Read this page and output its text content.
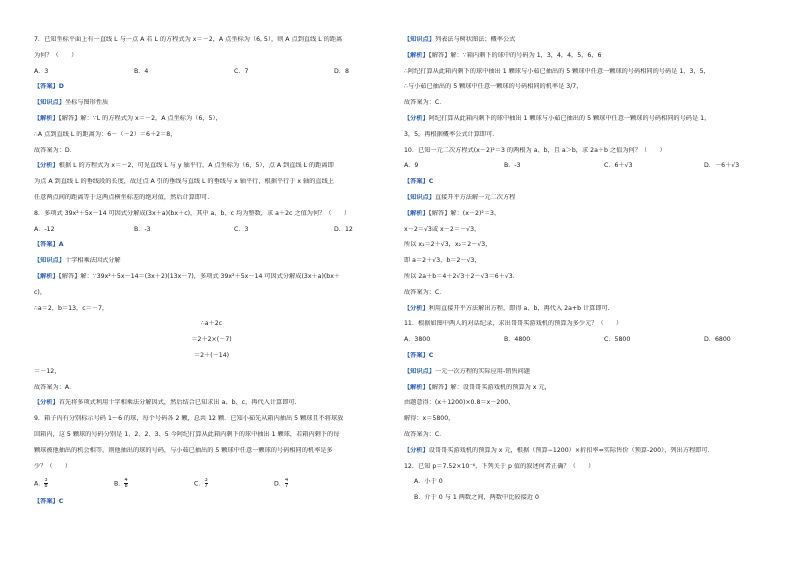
7．已知坐标平面上有一直线 L 与一点 A 若 L 的方程式为 x＝－2，A 点坐标为（6, 5），则 A 点到直线 L 的距离
为何？（　　）
A．3	B．4	C．7	D．8
【答案】D
【知识点】坐标与图形性质
【解析】【解答】解：∵L 的方程式为 x＝－2，A 点坐标为（6，5），
∴A 点到直线 L 的距离为：6－（－2）＝6＋2＝8，
故答案为：D．
【分析】根据 L 的方程式为 x＝－2，可见直线 L 与 y 轴平行，A 点坐标为（6，5），点 A 到直线 L 的距离即
为点 A 到直线 L 的垂线段的长度，故过点 A 引的垂线与直线 L 的垂线与 x 轴平行，根据平行于 x 轴的直线上
任意两点间的距离等于这两点横坐标差的绝对值，然后计算即可.
8．多项式 39x²＋5x－14 可因式分解成(3x＋a)(bx＋c)，其中 a、b、c 均为整数，求 a＋2c 之值为何？（　　）
A．-12	B．-3	C．3	D．12
【答案】A
【知识点】十字相乘法因式分解
【解析】【解答】解：∵39x²＋5x－14＝(3x＋2)(13x－7)，多项式 39x²＋5x－14 可因式分解成(3x＋a)(bx＋
c)，
∴a＝2，b＝13，c＝－7，
∴a＋2c
＝2＋2×(－7)
＝2＋(－14)
＝－12，
故答案为：A．
【分析】首先将多项式利用十字相乘法分解因式，然后结合已知求出 a、b、c，再代入计算即可.
9．箱子内有分别标示号码 1～6 的球，每个号码各 2 颗，总共 12 颗．已知小茹先从箱内抽出 5 颗球且不将球放
回箱内，这 5 颗球的号码分别是 1、2、2、3、5 今阿纪打算从此箱内剩下的球中抽出 1 颗球，若箱内剩下的每
颗球被他抽出的机会相等，则他抽出的球的号码，与小茹已抽出的 5 颗球中任意一颗球的号码相同的机率是多
少？（　　）
A． $\frac{3}{8}$	B． $\frac{4}{8}$	C． $\frac{3}{7}$	D． $\frac{4}{7}$
【答案】C
【知识点】列表法与树状图法；概率公式
【解析】【解答】解：∵箱内剩下的球中的号码为 1，3，4，4，5，6，6
∴阿纪打算从此箱内剩下的球中抽出 1 颗球与小茹已抽出的 5 颗球中任意一颗球的号码相同的号码是 1，3，5，
∴与小茹已抽出的 5 颗球中任意一颗球的号码相同的机率是 3/7，
故答案为：C．
【分析】阿纪打算从此箱内剩下的球中抽出 1 颗球与小茹已抽出的 5 颗球中任意一颗球的号码相同的号码是 1，
3，5，再根据概率公式计算即可.
10．已知一元二次方程式(x－2)²＝3 的两根为 a、b，且 a＞b，求 2a＋b 之值为何？（　　）
A．9	B．-3	C．6＋√3	D．－6＋√3
【答案】C
【知识点】直接开平方法解一元二次方程
【解析】【解答】解：(x－2)²＝3，
x－2＝√3或 x－2＝－√3，
所以 x₁＝2＋√3，x₂＝2－√3，
即 a＝2＋√3，b＝2－√3，
所以 2a＋b＝4＋2√3＋2－√3＝6＋√3．
故答案为：C．
【分析】利用直接开平方法解出方程，即得 a、b，再代入 2a+b 计算即可.
11．根据如图中两人的对话纪录，求出哥哥买游戏机的预算为多少元？（　　）
A．3800	B．4800	C．5800	D．6800
【答案】C
【知识点】一元一次方程的实际应用-销售问题
【解析】【解答】解：设哥哥买游戏机的预算为 x 元，
由题意得：(x＋1200)×0.8＝x－200，
解得：x＝5800，
故答案为：C．
【分析】设哥哥买游戏机的预算为 x 元，根据（预算−1200）×折扣率=实际售价（预算-200），列出方程即可.
12．已知 p＝7.52×10⁻⁶，下列关于 p 值的叙述何者正确？（　　）
A．小于 0
B．介于 0 与 1 两数之间，两数中比较接近 0
